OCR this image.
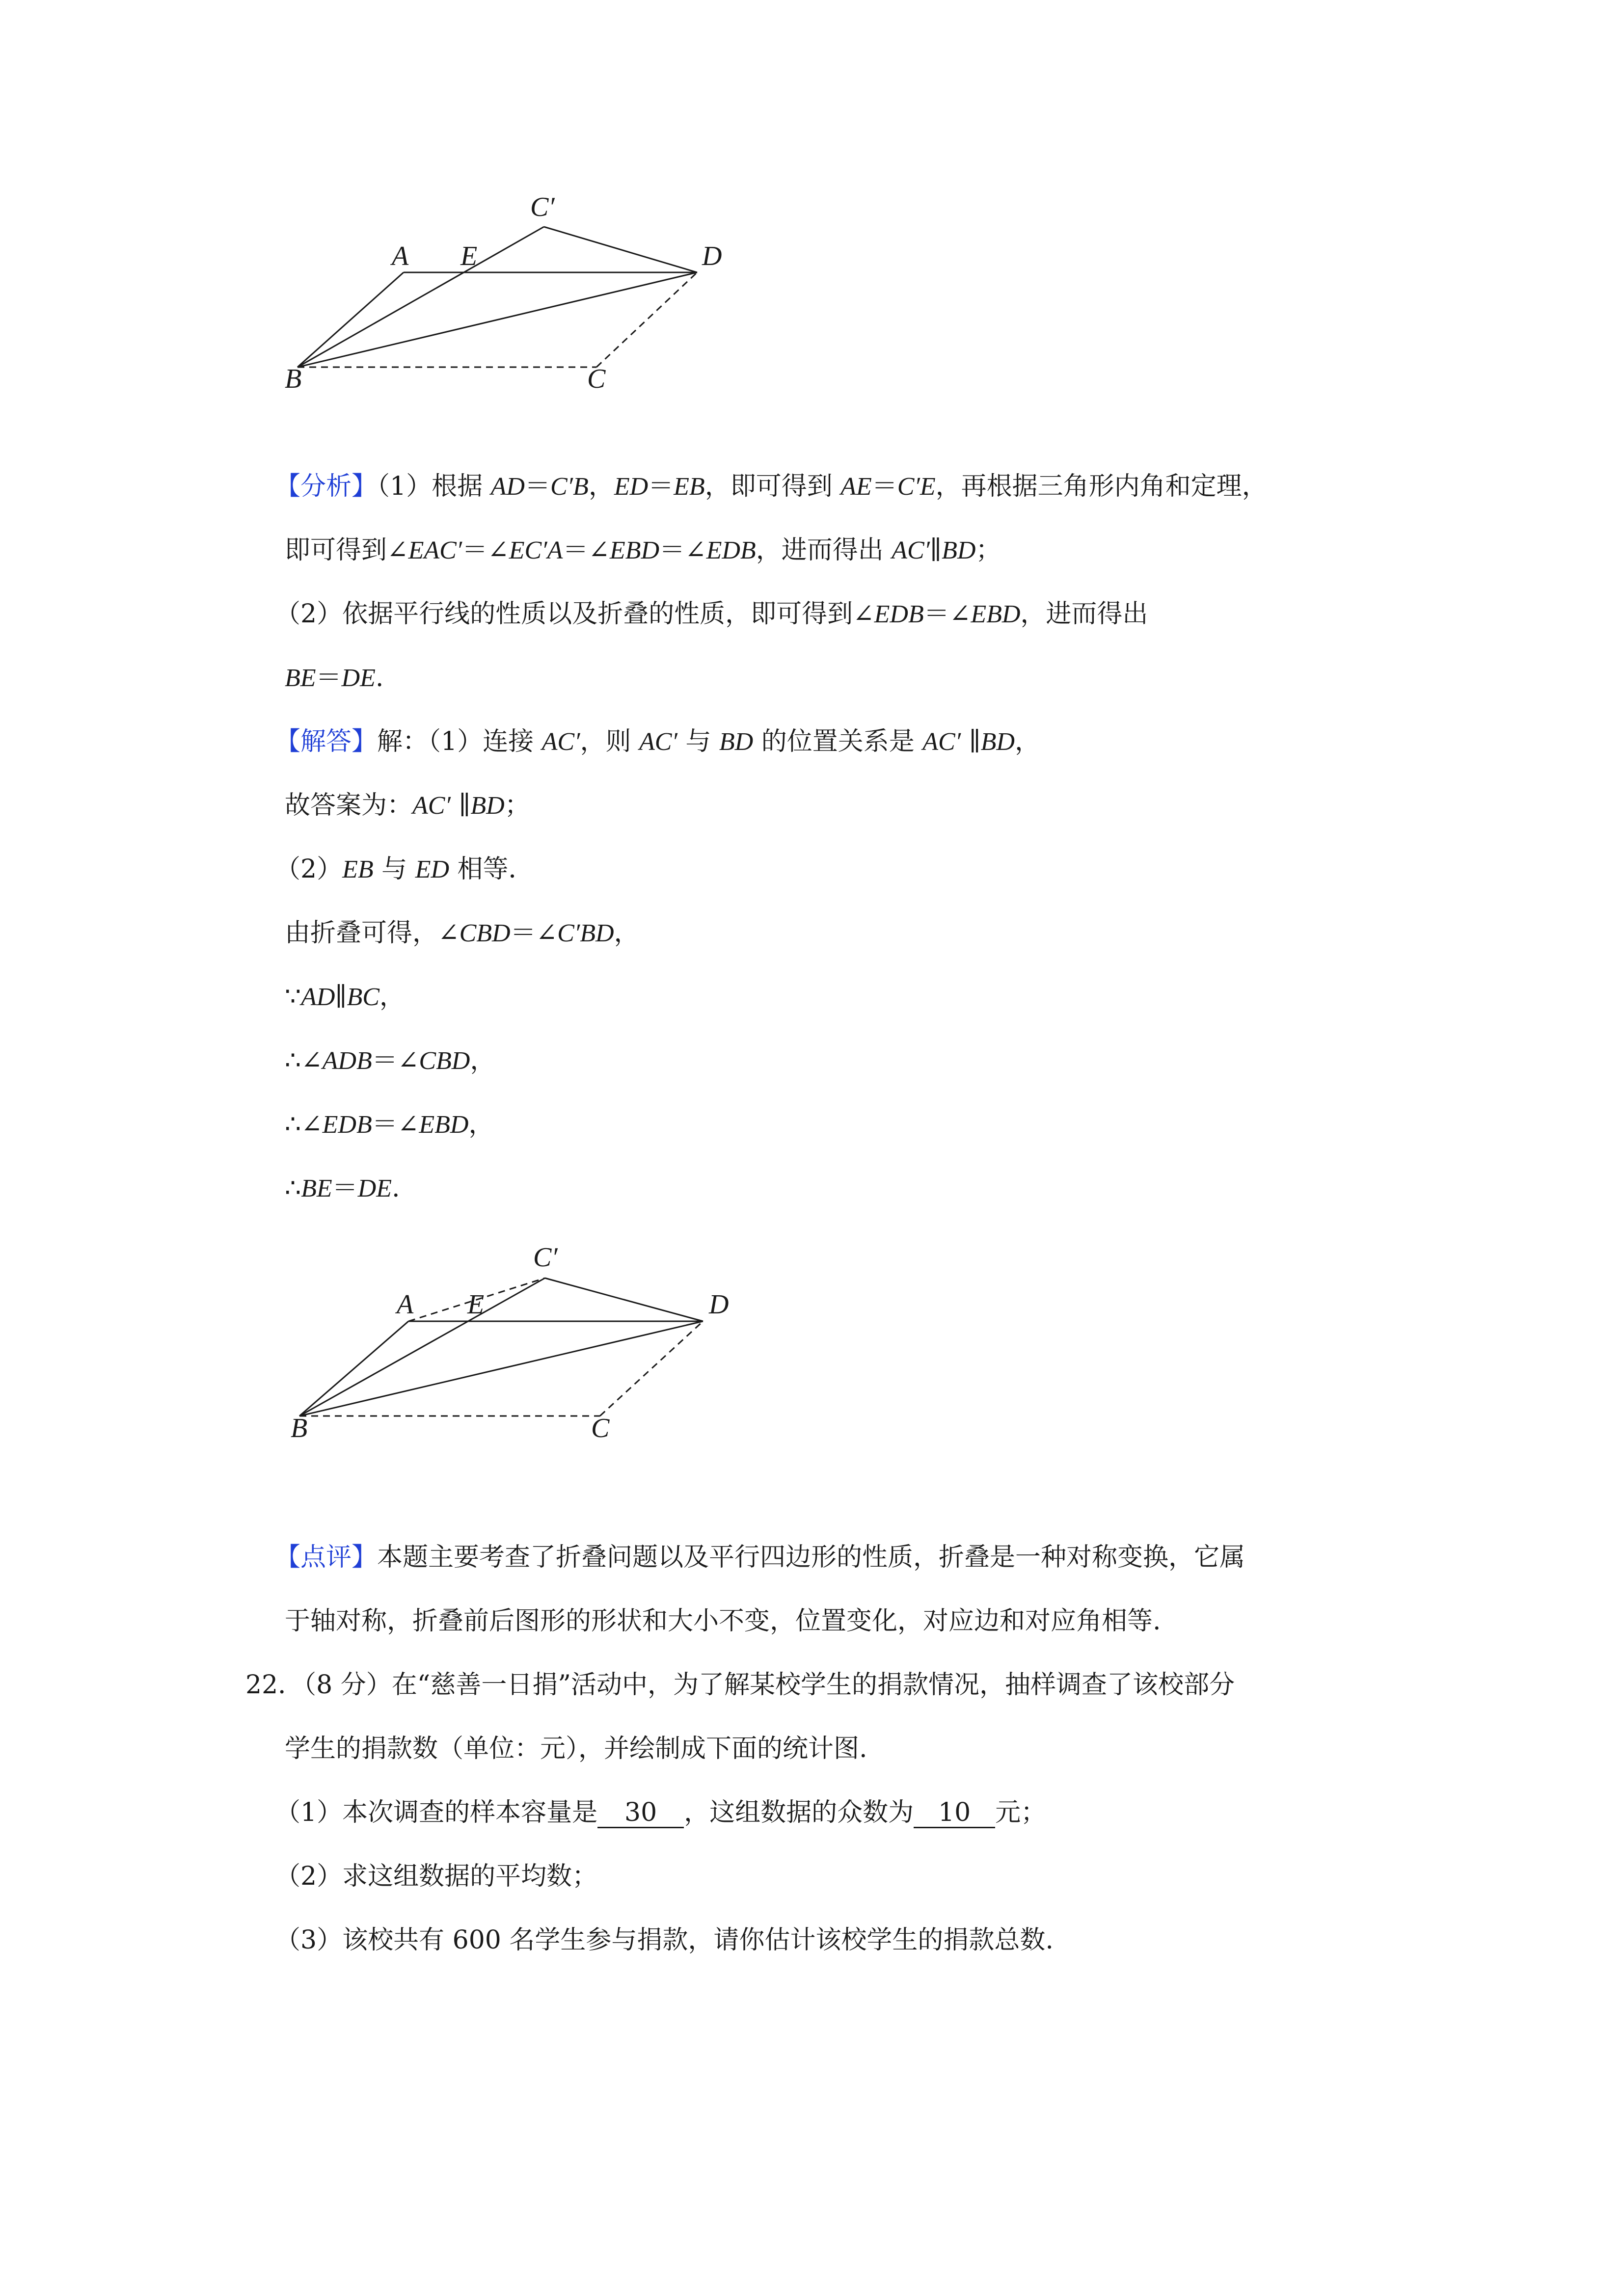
C′
A E	D
B	C
【分析】（1）根据 AD＝C′B，ED＝EB，即可得到 AE＝C′E，再根据三角形内角和定理，
即可得到∠EAC′＝∠EC′A＝∠EBD＝∠EDB，进而得出 AC′∥BD；
（2）依据平行线的性质以及折叠的性质，即可得到∠EDB＝∠EBD，进而得出
BE＝DE.
【解答】解：（1）连接 AC′，则 AC′ 与 BD 的位置关系是 AC′ ∥BD，
故答案为：AC′ ∥BD；
（2）EB 与 ED 相等．
由折叠可得，∠CBD＝∠C′BD，
∵AD∥BC，
∴∠ADB＝∠CBD，
∴∠EDB＝∠EBD，
∴BE＝DE.
C′
A E	D
B	C
【点评】本题主要考查了折叠问题以及平行四边形的性质，折叠是一种对称变换，它属
于轴对称，折叠前后图形的形状和大小不变，位置变化，对应边和对应角相等.
22．（8 分）在“慈善一日捐”活动中，为了解某校学生的捐款情况，抽样调查了该校部分
学生的捐款数（单位：元），并绘制成下面的统计图.
（1）本次调查的样本容量是 30 ，这组数据的众数为 10 元；
（2）求这组数据的平均数；
（3）该校共有 600 名学生参与捐款，请你估计该校学生的捐款总数.
